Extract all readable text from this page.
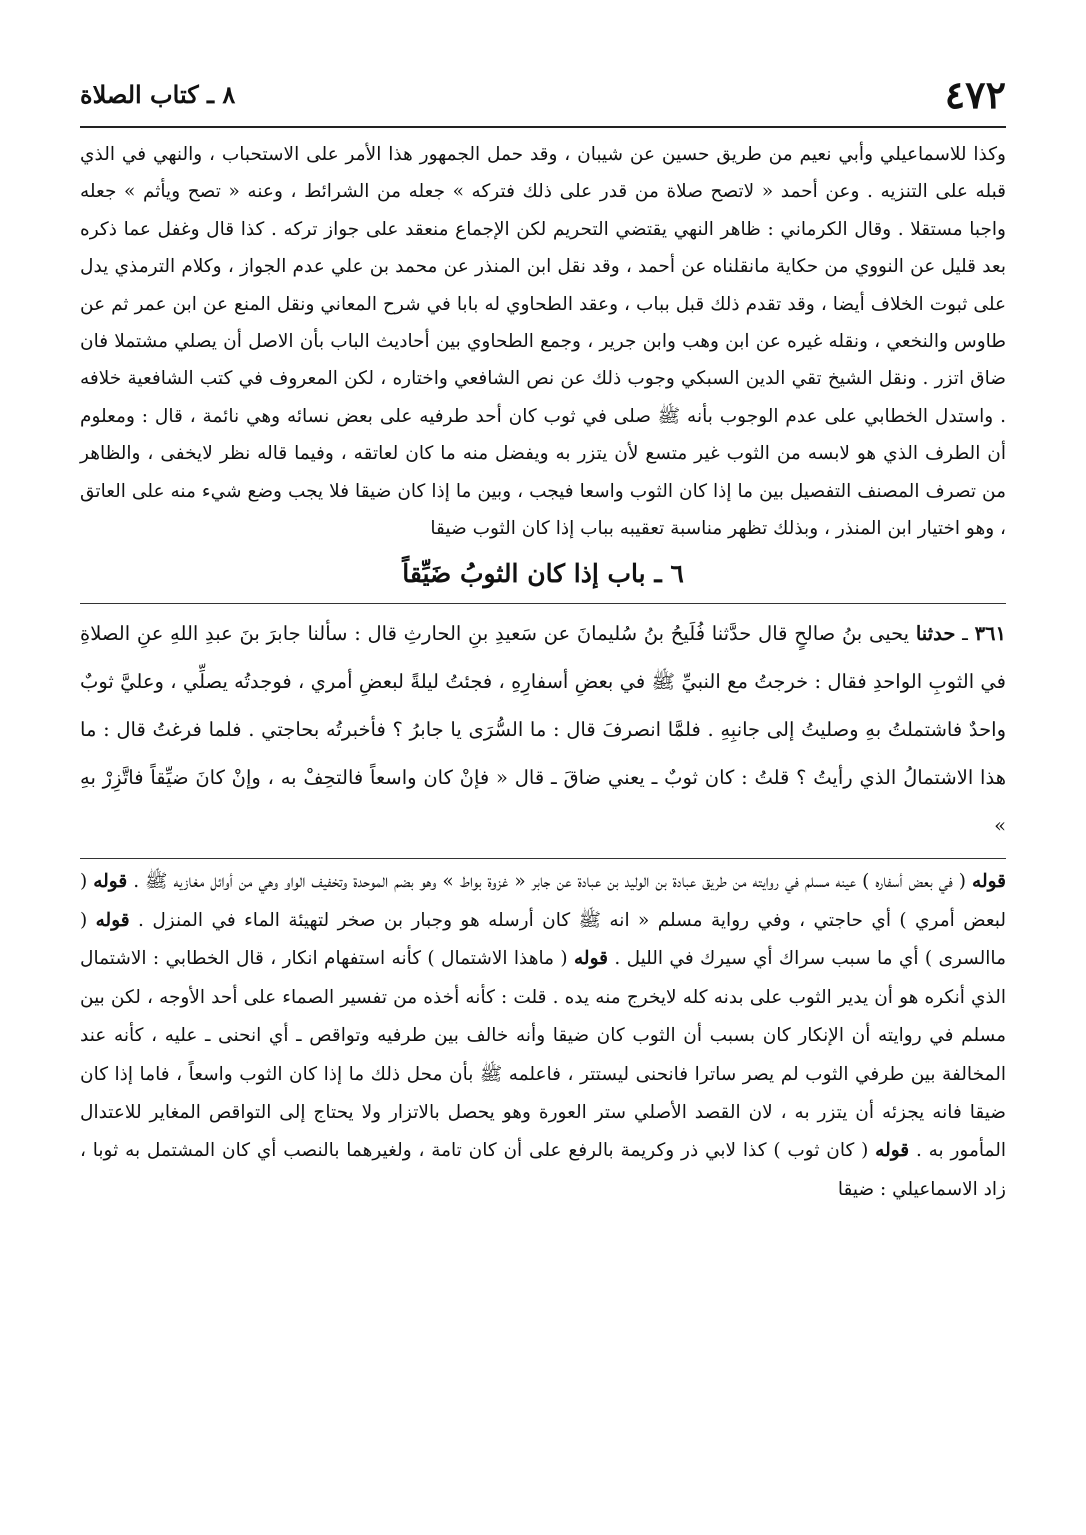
٤٧٢
٨ ـ كتاب الصلاة

وكذا للاسماعيلي وأبي نعيم من طريق حسين عن شيبان ، وقد حمل الجمهور هذا الأمر على الاستحباب ، والنهي في الذي قبله على التنزيه . وعن أحمد « لاتصح صلاة من قدر على ذلك فتركه » جعله من الشرائط ، وعنه « تصح ويأثم » جعله واجبا مستقلا . وقال الكرماني : ظاهر النهي يقتضي التحريم لكن الإجماع منعقد على جواز تركه . كذا قال وغفل عما ذكره بعد قليل عن النووي من حكاية مانقلناه عن أحمد ، وقد نقل ابن المنذر عن محمد بن علي عدم الجواز ، وكلام الترمذي يدل على ثبوت الخلاف أيضا ، وقد تقدم ذلك قبل بباب ، وعقد الطحاوي له بابا في شرح المعاني ونقل المنع عن ابن عمر ثم عن طاوس والنخعي ، ونقله غيره عن ابن وهب وابن جرير ، وجمع الطحاوي بين أحاديث الباب بأن الاصل أن يصلي مشتملا فان ضاق اتزر . ونقل الشيخ تقي الدين السبكي وجوب ذلك عن نص الشافعي واختاره ، لكن المعروف في كتب الشافعية خلافه . واستدل الخطابي على عدم الوجوب بأنه ﷺ صلى في ثوب كان أحد طرفيه على بعض نسائه وهي نائمة ، قال : ومعلوم أن الطرف الذي هو لابسه من الثوب غير متسع لأن يتزر به ويفضل منه ما كان لعاتقه ، وفيما قاله نظر لايخفى ، والظاهر من تصرف المصنف التفصيل بين ما إذا كان الثوب واسعا فيجب ، وبين ما إذا كان ضيقا فلا يجب وضع شيء منه على العاتق ، وهو اختيار ابن المنذر ، وبذلك تظهر مناسبة تعقيبه بباب إذا كان الثوب ضيقا

٦ ـ باب إذا كان الثوبُ ضَيِّقاً

٣٦١ ـ حدثنا يحيى بنُ صالحٍ قال حدَّثنا فُلَيحُ بنُ سُليمانَ عن سَعيدِ بنِ الحارثِ قال : سألنا جابرَ بنَ عبدِ اللهِ عنِ الصلاةِ في الثوبِ الواحدِ فقال : خرجتُ مع النبيِّ ﷺ في بعضِ أسفارِهِ ، فجئتُ ليلةً لبعضِ أمري ، فوجدتُه يصلِّي ، وعليَّ ثوبٌ واحدٌ فاشتملتُ بهِ وصليتُ إلى جانبِهِ . فلمَّا انصرفَ قال : ما السُّرَى يا جابرُ ؟ فأخبرتُه بحاجتي . فلما فرغتُ قال : ما هذا الاشتمالُ الذي رأيتُ ؟ قلتُ : كان ثوبٌ ـ يعني ضاقَ ـ قال « فإنْ كان واسعاً فالتحِفْ به ، وإنْ كانَ ضيِّقاً فاتَّزِرْ بهِ »

قوله ( في بعض أسفاره ) عينه مسلم في روايته من طريق عبادة بن الوليد بن عبادة عن جابر « غزوة بواط » وهو بضم الموحدة وتخفيف الواو وهي من أوائل مغازيه ﷺ . قوله ( لبعض أمري ) أي حاجتي ، وفي رواية مسلم « انه ﷺ كان أرسله هو وجبار بن صخر لتهيئة الماء في المنزل . قوله ( ماالسرى ) أي ما سبب سراك أي سيرك في الليل . قوله ( ماهذا الاشتمال ) كأنه استفهام انكار ، قال الخطابي : الاشتمال الذي أنكره هو أن يدير الثوب على بدنه كله لايخرج منه يده . قلت : كأنه أخذه من تفسير الصماء على أحد الأوجه ، لكن بين مسلم في روايته أن الإنكار كان بسبب أن الثوب كان ضيقا وأنه خالف بين طرفيه وتواقص ـ أي انحنى ـ عليه ، كأنه عند المخالفة بين طرفي الثوب لم يصر ساترا فانحنى ليستتر ، فاعلمه ﷺ بأن محل ذلك ما إذا كان الثوب واسعاً ، فاما إذا كان ضيقا فانه يجزئه أن يتزر به ، لان القصد الأصلي ستر العورة وهو يحصل بالاتزار ولا يحتاج إلى التواقص المغاير للاعتدال المأمور به . قوله ( كان ثوب ) كذا لابي ذر وكريمة بالرفع على أن كان تامة ، ولغيرهما بالنصب أي كان المشتمل به ثوبا ، زاد الاسماعيلي : ضيقا
